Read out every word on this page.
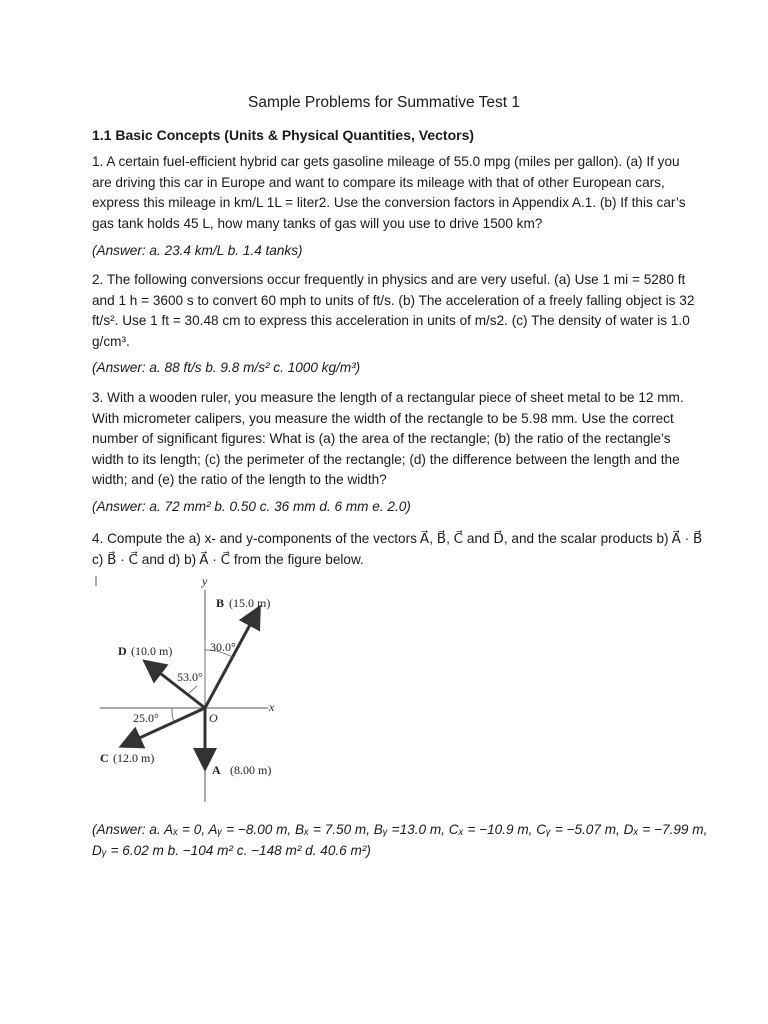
Sample Problems for Summative Test 1
1.1 Basic Concepts (Units & Physical Quantities, Vectors)
1. A certain fuel-efficient hybrid car gets gasoline mileage of 55.0 mpg (miles per gallon). (a) If you
are driving this car in Europe and want to compare its mileage with that of other European cars,
express this mileage in km/L 1L = liter2. Use the conversion factors in Appendix A.1. (b) If this car’s
gas tank holds 45 L, how many tanks of gas will you use to drive 1500 km?
(Answer: a. 23.4 km/L b. 1.4 tanks)
2. The following conversions occur frequently in physics and are very useful. (a) Use 1 mi = 5280 ft
and 1 h = 3600 s to convert 60 mph to units of ft/s. (b) The acceleration of a freely falling object is 32
ft/s². Use 1 ft = 30.48 cm to express this acceleration in units of m/s2. (c) The density of water is 1.0
g/cm³.
(Answer: a. 88 ft/s b. 9.8 m/s² c. 1000 kg/m³)
3. With a wooden ruler, you measure the length of a rectangular piece of sheet metal to be 12 mm.
With micrometer calipers, you measure the width of the rectangle to be 5.98 mm. Use the correct
number of significant figures: What is (a) the area of the rectangle; (b) the ratio of the rectangle’s
width to its length; (c) the perimeter of the rectangle; (d) the difference between the length and the
width; and (e) the ratio of the length to the width?
(Answer: a. 72 mm² b. 0.50 c. 36 mm d. 6 mm e. 2.0)
4. Compute the a) x- and y-components of the vectors A⃗, B⃗, C⃗ and D⃗, and the scalar products b) A⃗ · B⃗
c) B⃗ · C⃗ and d) b) A⃗ · C⃗ from the figure below.
x
y
O
B⃗
(15.0 m)
30.0°
D⃗
(10.0 m)
53.0°
25.0°
C⃗
(12.0 m)
A⃗ (8.00 m)
(Answer: a. Aₓ = 0, Aᵧ = −8.00 m, Bₓ = 7.50 m, Bᵧ =13.0 m, Cₓ = −10.9 m, Cᵧ = −5.07 m, Dₓ = −7.99 m,
Dᵧ = 6.02 m b. −104 m² c. −148 m² d. 40.6 m²)
